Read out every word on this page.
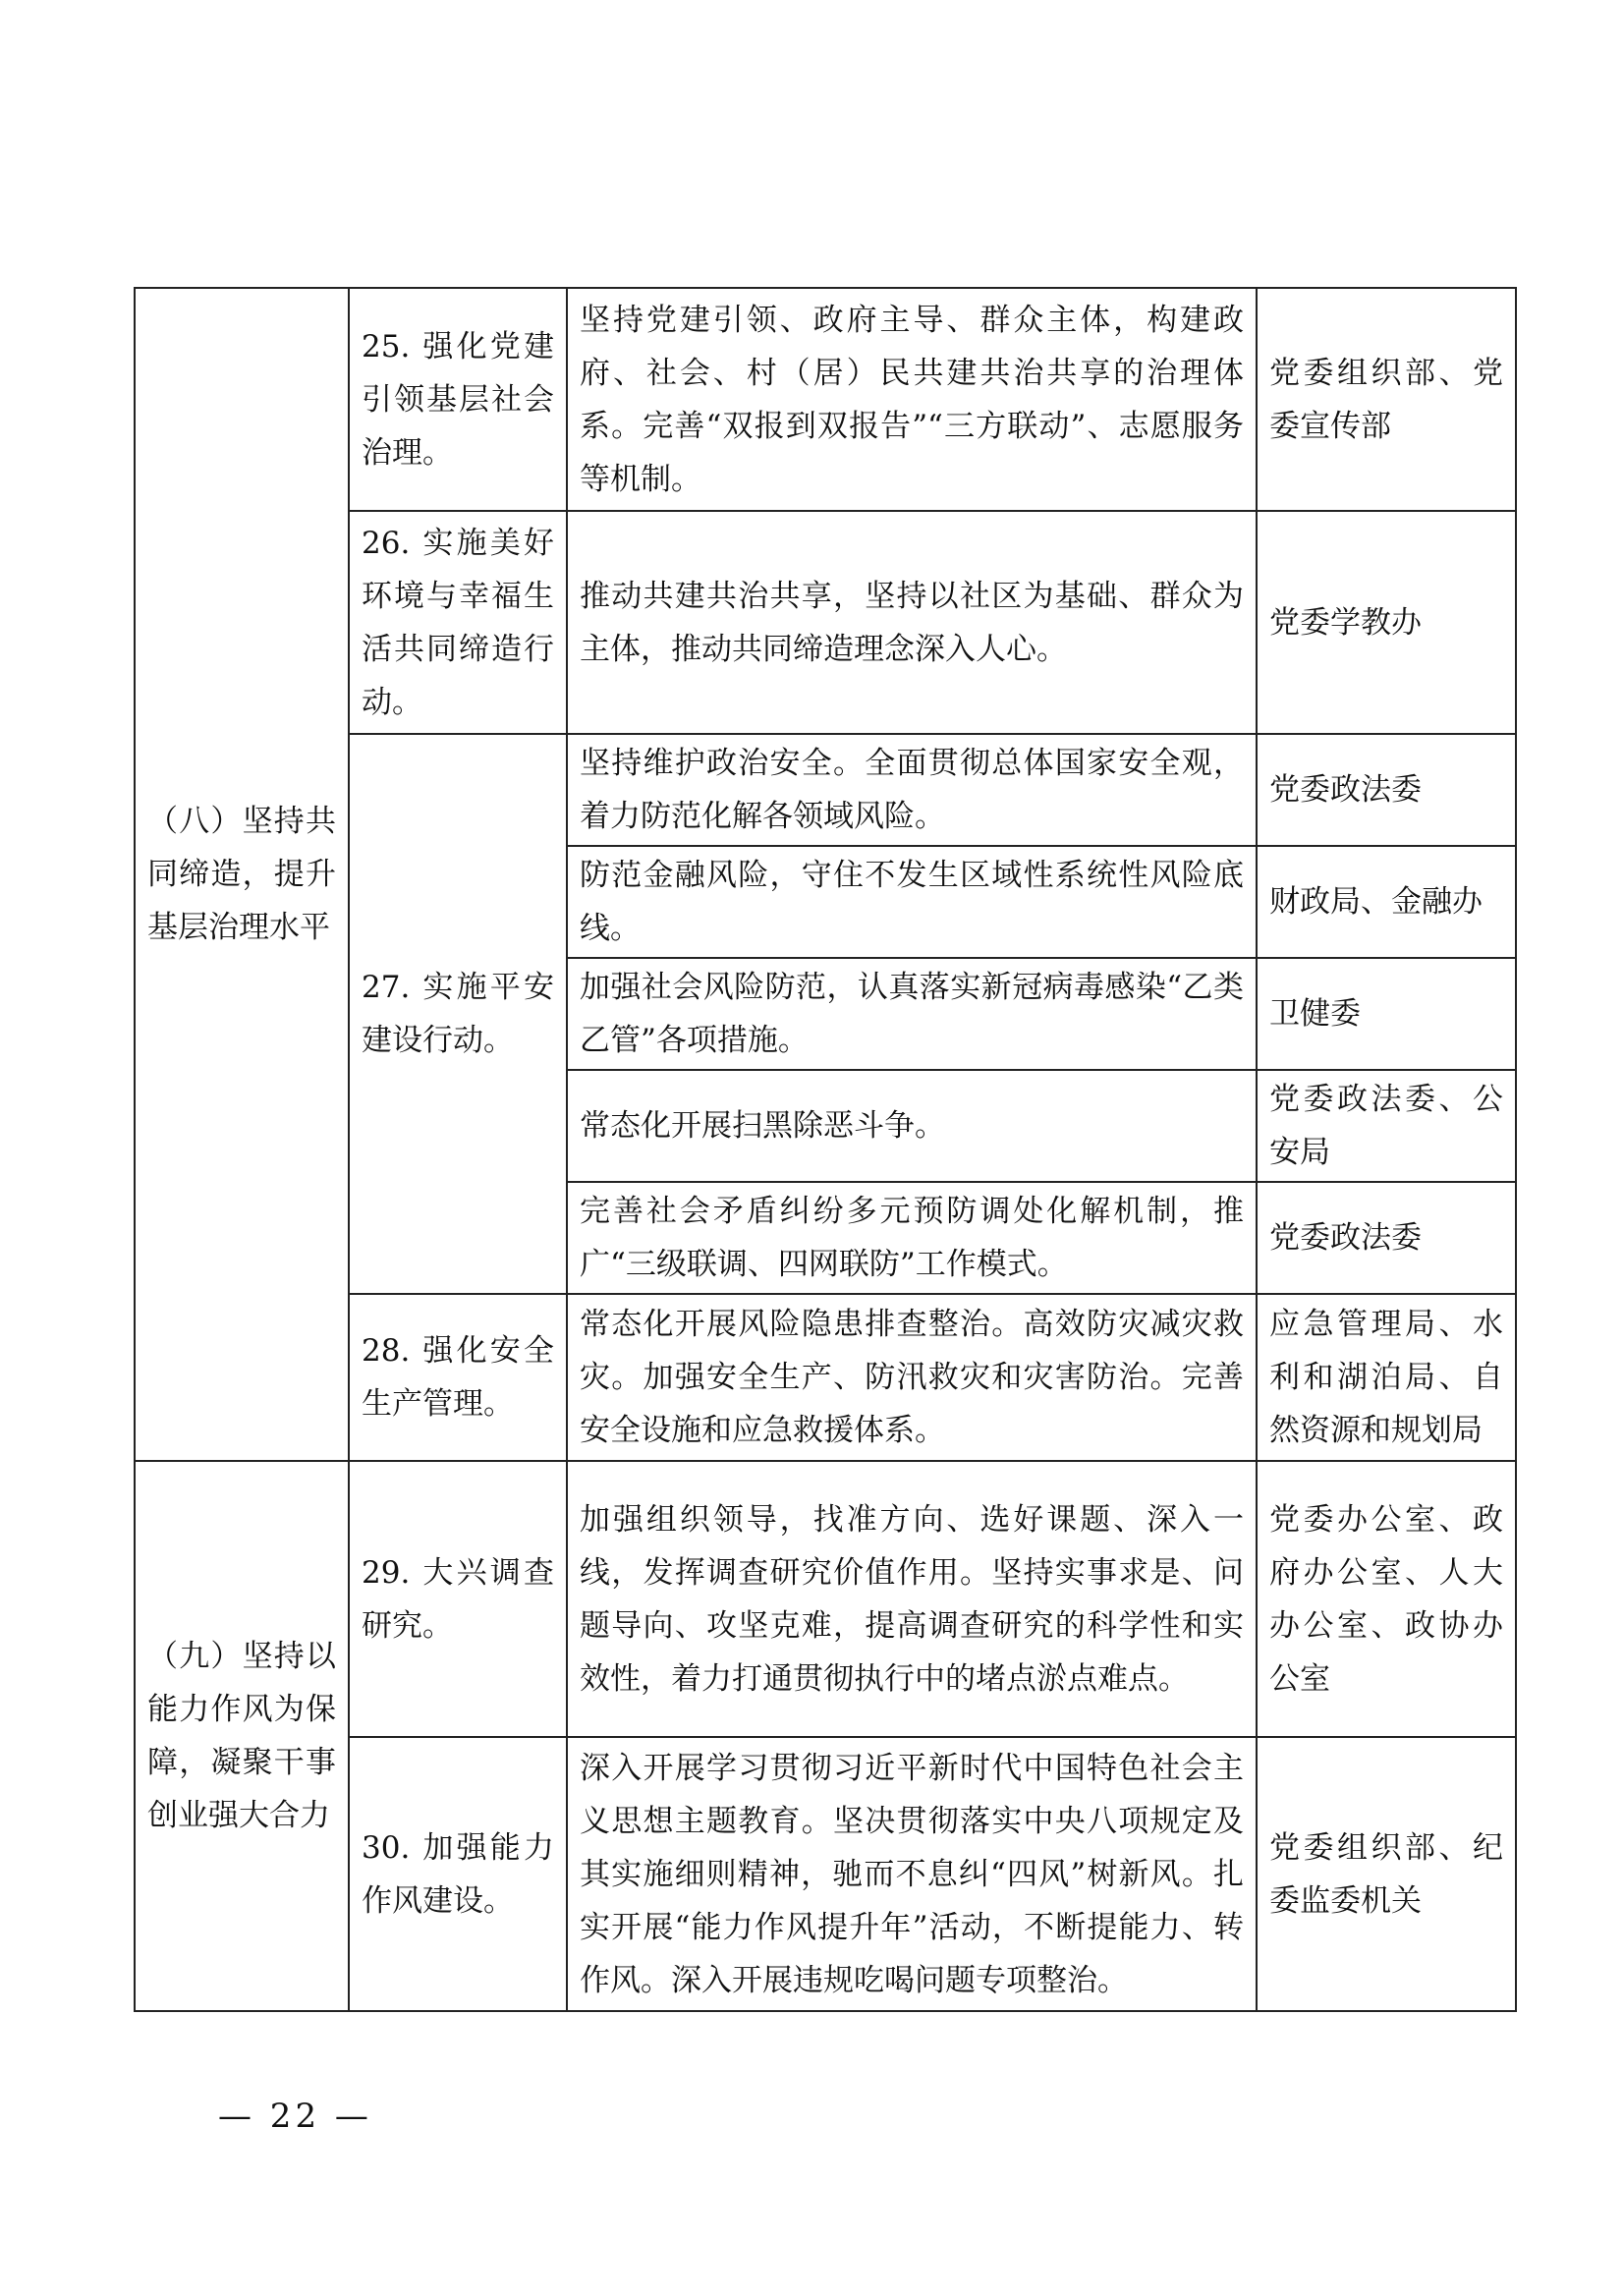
（八）坚持共同缔造，提升基层治理水平	25. 强化党建引领基层社会治理。	坚持党建引领、政府主导、群众主体，构建政府、社会、村（居）民共建共治共享的治理体系。完善“双报到双报告”“三方联动”、志愿服务等机制。	党委组织部、党委宣传部
	26. 实施美好环境与幸福生活共同缔造行动。	推动共建共治共享，坚持以社区为基础、群众为主体，推动共同缔造理念深入人心。	党委学教办
	27. 实施平安建设行动。	坚持维护政治安全。全面贯彻总体国家安全观，着力防范化解各领域风险。	党委政法委
		防范金融风险，守住不发生区域性系统性风险底线。	财政局、金融办
		加强社会风险防范，认真落实新冠病毒感染“乙类乙管”各项措施。	卫健委
		常态化开展扫黑除恶斗争。	党委政法委、公安局
		完善社会矛盾纠纷多元预防调处化解机制，推广“三级联调、四网联防”工作模式。	党委政法委
	28. 强化安全生产管理。	常态化开展风险隐患排查整治。高效防灾减灾救灾。加强安全生产、防汛救灾和灾害防治。完善安全设施和应急救援体系。	应急管理局、水利和湖泊局、自然资源和规划局
（九）坚持以能力作风为保障，凝聚干事创业强大合力	29. 大兴调查研究。	加强组织领导，找准方向、选好课题、深入一线，发挥调查研究价值作用。坚持实事求是、问题导向、攻坚克难，提高调查研究的科学性和实效性，着力打通贯彻执行中的堵点淤点难点。	党委办公室、政府办公室、人大办公室、政协办公室
	30. 加强能力作风建设。	深入开展学习贯彻习近平新时代中国特色社会主义思想主题教育。坚决贯彻落实中央八项规定及其实施细则精神，驰而不息纠“四风”树新风。扎实开展“能力作风提升年”活动，不断提能力、转作风。深入开展违规吃喝问题专项整治。	党委组织部、纪委监委机关
— 22 —
